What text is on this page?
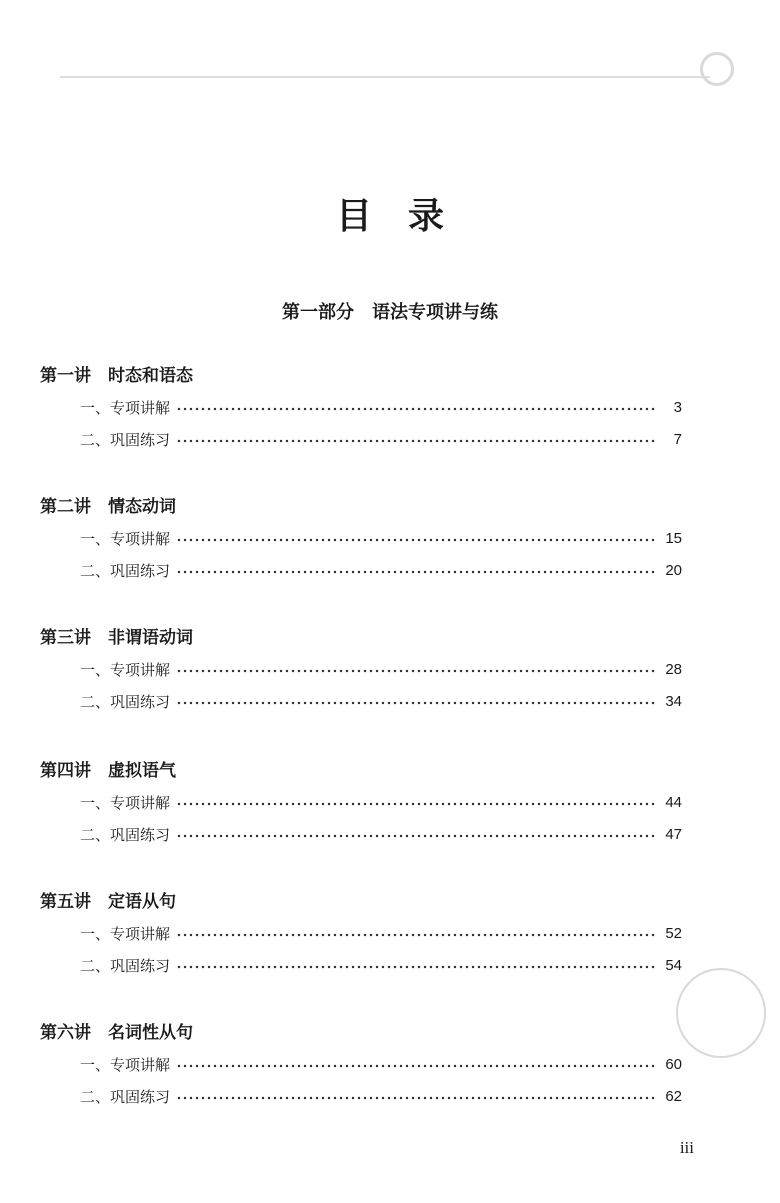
目　录
第一部分　语法专项讲与练
第一讲　时态和语态
一、专项讲解	3
二、巩固练习	7
第二讲　情态动词
一、专项讲解	15
二、巩固练习	20
第三讲　非谓语动词
一、专项讲解	28
二、巩固练习	34
第四讲　虚拟语气
一、专项讲解	44
二、巩固练习	47
第五讲　定语从句
一、专项讲解	52
二、巩固练习	54
第六讲　名词性从句
一、专项讲解	60
二、巩固练习	62
iii
